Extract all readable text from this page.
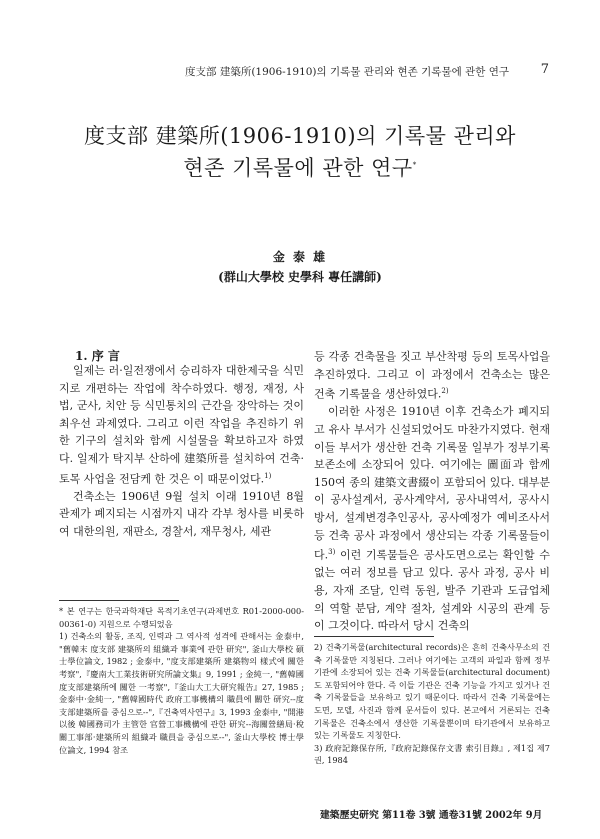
度支部 建築所(1906-1910)의 기록물 관리와 현존 기록물에 관한 연구 7
度支部 建築所(1906-1910)의 기록물 관리와
현존 기록물에 관한 연구*
金 泰 雄
(群山大學校 史學科 專任講師)
1. 序 言

일제는 러·일전쟁에서 승리하자 대한제국을 식민지로 개편하는 작업에 착수하였다. 행정, 재정, 사법, 군사, 치안 등 식민통치의 근간을 장악하는 것이 최우선 과제였다. 그리고 이런 작업을 추진하기 위한 기구의 설치와 함께 시설물을 확보하고자 하였다. 일제가 탁지부 산하에 建築所를 설치하여 건축·토목 사업을 전담케 한 것은 이 때문이었다.$^{1)}$

건축소는 1906년 9월 설치 이래 1910년 8월 관제가 폐지되는 시점까지 내각 각부 청사를 비롯하여 대한의원, 재판소, 경찰서, 재무청사, 세관

등 각종 건축물을 짓고 부산착평 등의 토목사업을 추진하였다. 그리고 이 과정에서 건축소는 많은 건축 기록물을 생산하였다.$^{2)}$

이러한 사정은 1910년 이후 건축소가 폐지되고 유사 부서가 신설되었어도 마찬가지였다. 현재 이들 부서가 생산한 건축 기록물 일부가 정부기록보존소에 소장되어 있다. 여기에는 圖面과 함께 150여 종의 建築文書綴이 포함되어 있다. 대부분이 공사설계서, 공사계약서, 공사내역서, 공사시방서, 설계변경추인공사, 공사예정가 예비조사서 등 건축 공사 과정에서 생산되는 각종 기록물들이다.$^{3)}$ 이런 기록물들은 공사도면으로는 확인할 수 없는 여러 정보를 담고 있다. 공사 과정, 공사 비용, 자재 조달, 인력 동원, 발주 기관과 도급업체의 역할 분담, 계약 절차, 설계와 시공의 관계 등이 그것이다. 따라서 당시 건축의

* 본 연구는 한국과학재단 목적기초연구(과제번호 R01-2000-000-00361-0) 지원으로 수행되었음

1) 건축소의 활동, 조직, 인력과 그 역사적 성격에 관해서는 金泰中, "舊韓末 度支部 建築所의 組織과 事業에 관한 研究", 釜山大學校 碩士學位論文, 1982 ; 金泰中, "度支部建築所 建築物의 樣式에 關한 考察",『慶南大工業技術研究所論文集』9, 1991 ; 金純一, "舊韓國度支部建築所에 關한 一考察",『釜山大工大研究報告』27, 1985 ; 金泰中·金純一, "舊韓國時代 政府工事機構의 職員에 關한 研究--度支部建築所를 중심으로--",『건축역사연구』3, 1993 金泰中, "開港以後 韓國務司가 主管한 官營工事機構에 관한 研究--海關營繕局·稅關工事部·建築所의 組織과 職員을 중심으로--", 釜山大學校 博士學位論文, 1994 참조

2) 건축기록물(architectural records)은 흔히 건축사무소의 건축 기록물만 지칭된다. 그러나 여기에는 고객의 파일과 함께 정부기관에 소장되어 있는 건축 기록물들(architectural document)도 포함되어야 한다. 즉 이들 기관은 건축 기능을 가지고 있거나 건축 기록물들을 보유하고 있기 때문이다. 따라서 건축 기록물에는 도면, 모델, 사진과 함께 문서들이 있다. 본고에서 거론되는 건축 기록물은 건축소에서 생산한 기록물뿐이며 타기관에서 보유하고 있는 기록물도 지칭한다.

3) 政府記錄保存所,『政府記錄保存文書 索引目錄』, 제1집 제7권, 1984

建築歷史研究 第11卷 3號 通卷31號 2002年 9月
